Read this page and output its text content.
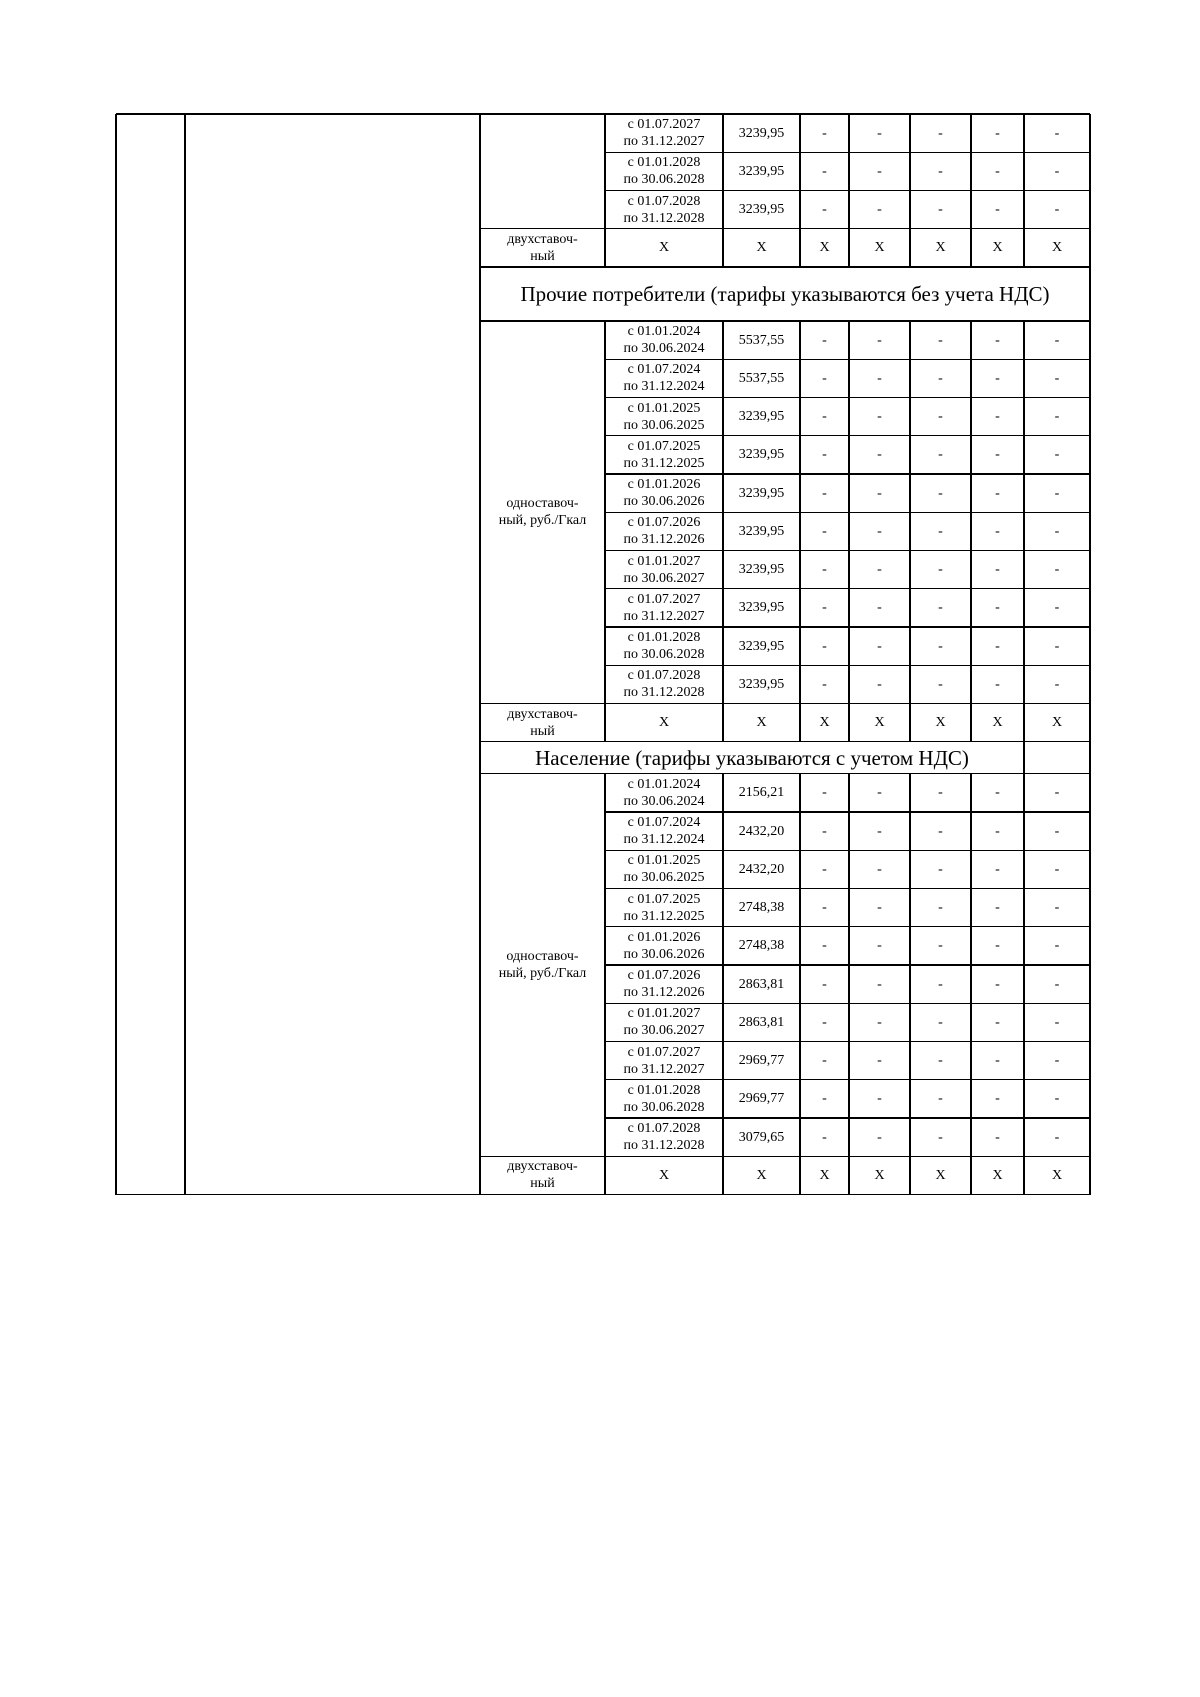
с 01.07.2027
по 31.12.2027
3239,95	-	-	-	-	-
с 01.01.2028
по 30.06.2028
3239,95	-	-	-	-	-
с 01.07.2028
по 31.12.2028
3239,95	-	-	-	-	-
двухставоч-
ный
X	X	X	X	X	X	X
Прочие потребители (тарифы указываются без учета НДС)
с 01.01.2024
по 30.06.2024
5537,55	-	-	-	-	-
с 01.07.2024
по 31.12.2024
5537,55	-	-	-	-	-
с 01.01.2025
по 30.06.2025
3239,95	-	-	-	-	-
с 01.07.2025
по 31.12.2025
3239,95	-	-	-	-	-
с 01.01.2026
по 30.06.2026
3239,95	-	-	-	-	-
с 01.07.2026
по 31.12.2026
3239,95	-	-	-	-	-
с 01.01.2027
по 30.06.2027
3239,95	-	-	-	-	-
с 01.07.2027
по 31.12.2027
3239,95	-	-	-	-	-
с 01.01.2028
по 30.06.2028
3239,95	-	-	-	-	-
с 01.07.2028
по 31.12.2028
3239,95	-	-	-	-	-
одноставоч-
ный, руб./Гкал
двухставоч-
ный
X	X	X	X	X	X	X
Население (тарифы указываются с учетом НДС)
с 01.01.2024
по 30.06.2024
2156,21	-	-	-	-	-
с 01.07.2024
по 31.12.2024
2432,20	-	-	-	-	-
с 01.01.2025
по 30.06.2025
2432,20	-	-	-	-	-
с 01.07.2025
по 31.12.2025
2748,38	-	-	-	-	-
с 01.01.2026
по 30.06.2026
2748,38	-	-	-	-	-
с 01.07.2026
по 31.12.2026
2863,81	-	-	-	-	-
с 01.01.2027
по 30.06.2027
2863,81	-	-	-	-	-
с 01.07.2027
по 31.12.2027
2969,77	-	-	-	-	-
с 01.01.2028
по 30.06.2028
2969,77	-	-	-	-	-
с 01.07.2028
по 31.12.2028
3079,65	-	-	-	-	-
одноставоч-
ный, руб./Гкал
двухставоч-
ный
X	X	X	X	X	X	X
